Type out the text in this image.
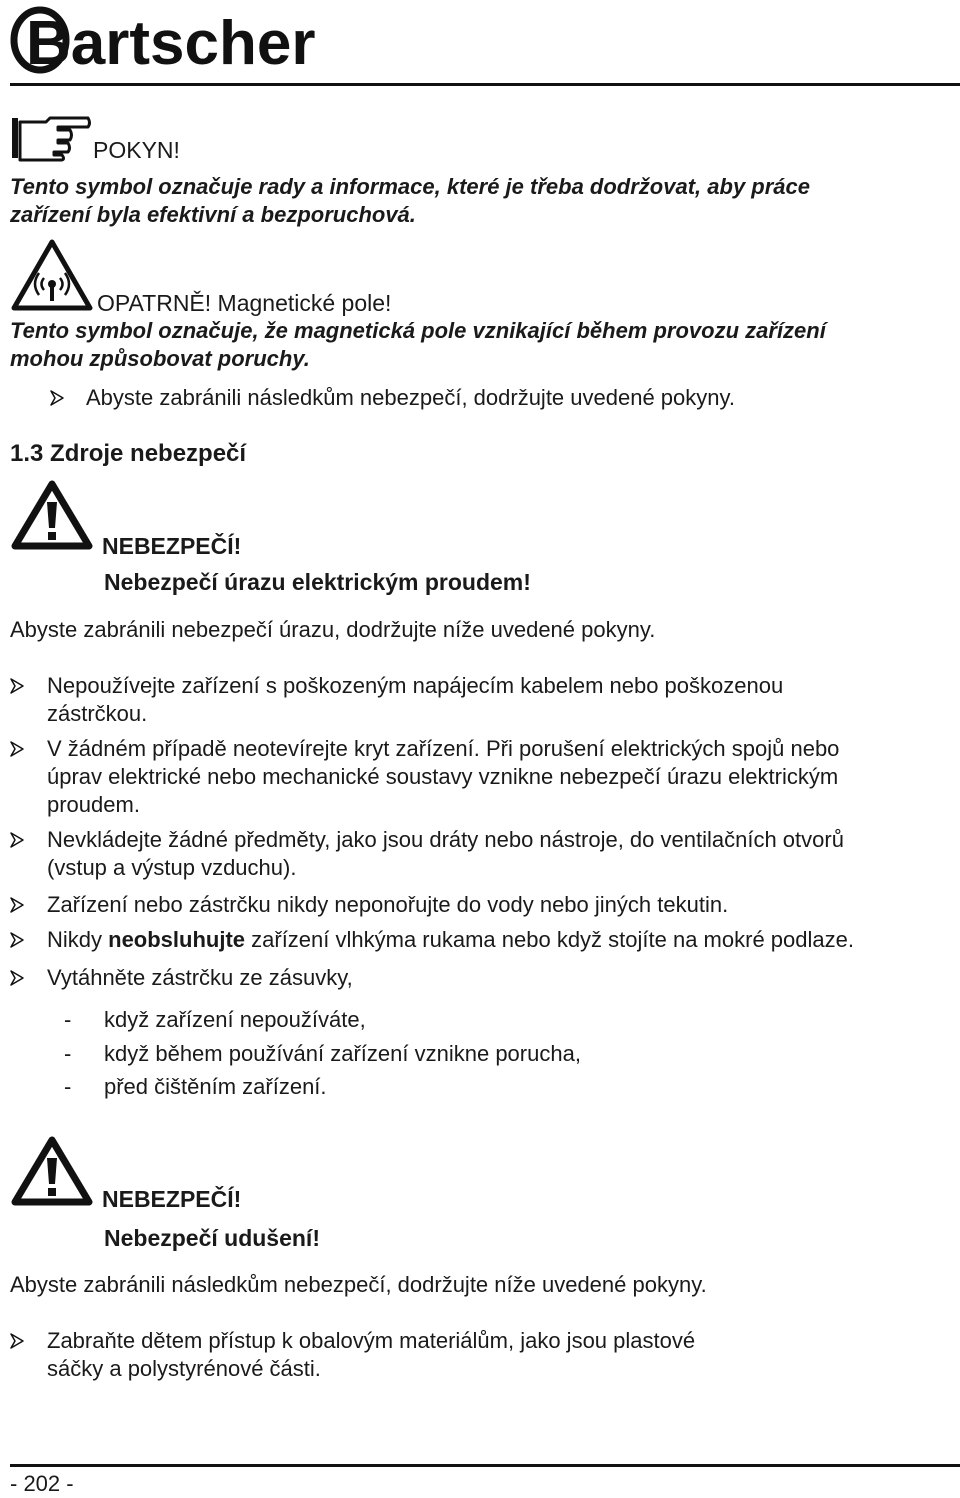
Bartscher
POKYN!
Tento symbol označuje rady a informace, které je třeba dodržovat, aby práce
zařízení byla efektivní a bezporuchová.
OPATRNĚ! Magnetické pole!
Tento symbol označuje, že magnetická pole vznikající během provozu zařízení
mohou způsobovat poruchy.
Abyste zabránili následkům nebezpečí, dodržujte uvedené pokyny.
1.3 Zdroje nebezpečí
NEBEZPEČÍ!
Nebezpečí úrazu elektrickým proudem!
Abyste zabránili nebezpečí úrazu, dodržujte níže uvedené pokyny.
Nepoužívejte zařízení s poškozeným napájecím kabelem nebo poškozenou
zástrčkou.
V žádném případě neotevírejte kryt zařízení. Při porušení elektrických spojů nebo
úprav elektrické nebo mechanické soustavy vznikne nebezpečí úrazu elektrickým
proudem.
Nevkládejte žádné předměty, jako jsou dráty nebo nástroje, do ventilačních otvorů
(vstup a výstup vzduchu).
Zařízení nebo zástrčku nikdy neponořujte do vody nebo jiných tekutin.
Nikdy neobsluhujte zařízení vlhkýma rukama nebo když stojíte na mokré podlaze.
Vytáhněte zástrčku ze zásuvky,
- když zařízení nepoužíváte,
- když během používání zařízení vznikne porucha,
- před čištěním zařízení.
NEBEZPEČÍ!
Nebezpečí udušení!
Abyste zabránili následkům nebezpečí, dodržujte níže uvedené pokyny.
Zabraňte dětem přístup k obalovým materiálům, jako jsou plastové
sáčky a polystyrénové části.
- 202 -
